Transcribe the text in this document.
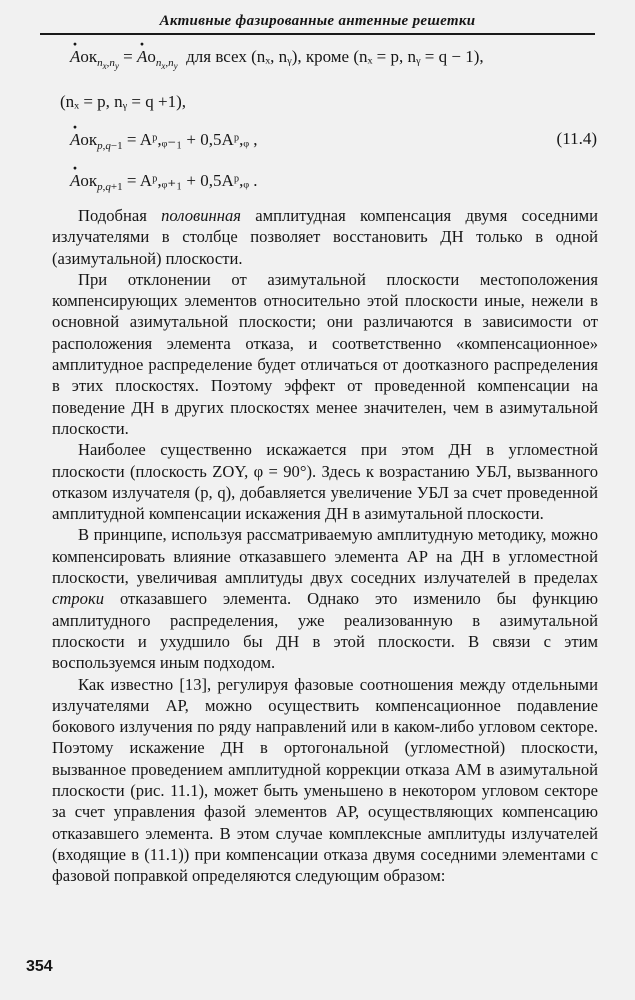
Активные фазированные антенные решетки
· Aок$_{n_x,n_y}$ = · $Aо_{n_x,n_y}$ для всех (nₓ, nᵧ), кроме (nₓ = p, nᵧ = q − 1),
(nₓ = p, nᵧ = q +1),
· Aок$_{p,q-1}$ = Aᵖ,ᵩ₋₁ + 0,5Aᵖ,ᵩ ,
· Aок$_{p,q+1}$ = Aᵖ,ᵩ₊₁ + 0,5Aᵖ,ᵩ .
(11.4)

Подобная половинная амплитудная компенсация двумя соседними излучателями в столбце позволяет восстановить ДН только в одной (азимутальной) плоскости.

При отклонении от азимутальной плоскости местоположения компенсирующих элементов относительно этой плоскости иные, нежели в основной азимутальной плоскости; они различаются в зависимости от расположения элемента отказа, и соответственно «компенсационное» амплитудное распределение будет отличаться от доотказного распределения в этих плоскостях. Поэтому эффект от проведенной компенсации на поведение ДН в других плоскостях менее значителен, чем в азимутальной плоскости.

Наиболее существенно искажается при этом ДН в угломестной плоскости (плоскость ZOY, φ = 90°). Здесь к возрастанию УБЛ, вызванного отказом излучателя (p, q), добавляется увеличение УБЛ за счет проведенной амплитудной компенсации искажения ДН в азимутальной плоскости.

В принципе, используя рассматриваемую амплитудную методику, можно компенсировать влияние отказавшего элемента АР на ДН в угломестной плоскости, увеличивая амплитуды двух соседних излучателей в пределах строки отказавшего элемента. Однако это изменило бы функцию амплитудного распределения, уже реализованную в азимутальной плоскости и ухудшило бы ДН в этой плоскости. В связи с этим воспользуемся иным подходом.

Как известно [13], регулируя фазовые соотношения между отдельными излучателями АР, можно осуществить компенсационное подавление бокового излучения по ряду направлений или в каком-либо угловом секторе. Поэтому искажение ДН в ортогональной (угломестной) плоскости, вызванное проведением амплитудной коррекции отказа АМ в азимутальной плоскости (рис. 11.1), может быть уменьшено в некотором угловом секторе за счет управления фазой элементов АР, осуществляющих компенсацию отказавшего элемента. В этом случае комплексные амплитуды излучателей (входящие в (11.1)) при компенсации отказа двумя соседними элементами с фазовой поправкой определяются следующим образом:

354
